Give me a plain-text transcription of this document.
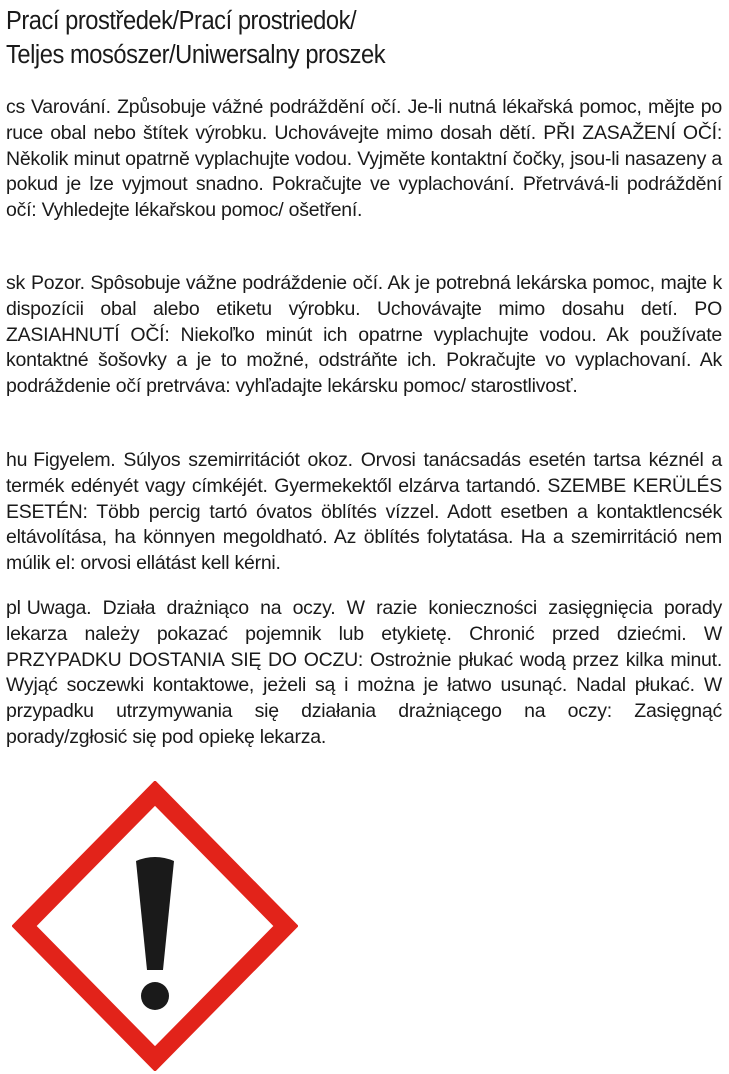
Prací prostředek/Prací prostriedok/
Teljes mosószer/Uniwersalny proszek
cs Varování. Způsobuje vážné podráždění očí. Je-li nutná lékařská pomoc, mějte po ruce obal nebo štítek výrobku. Uchovávejte mimo dosah dětí. PŘI ZASAŽENÍ OČÍ: Několik minut opatrně vyplachujte vodou. Vyjměte kontaktní čočky, jsou-li nasazeny a pokud je lze vyjmout snadno. Pokračujte ve vyplachování. Přetrvává-li podráždění očí: Vyhledejte lékařskou pomoc/ ošetření.
sk Pozor. Spôsobuje vážne podráždenie očí. Ak je potrebná lekárska pomoc, majte k dispozícii obal alebo etiketu výrobku. Uchovávajte mimo dosahu detí. PO ZASIAHNUTÍ OČÍ: Niekoľko minút ich opatrne vyplachujte vodou. Ak používate kontaktné šošovky a je to možné, odstráňte ich. Pokračujte vo vyplachovaní. Ak podráždenie očí pretrváva: vyhľadajte lekársku pomoc/ starostlivosť.
hu Figyelem. Súlyos szemirritációt okoz. Orvosi tanácsadás esetén tartsa kéznél a termék edényét vagy címkéjét. Gyermekektől elzárva tartandó. SZEMBE KERÜLÉS ESETÉN: Több percig tartó óvatos öblítés vízzel. Adott esetben a kontaktlencsék eltávolítása, ha könnyen megoldható. Az öblítés folytatása. Ha a szemirritáció nem múlik el: orvosi ellátást kell kérni.
pl Uwaga. Działa drażniąco na oczy. W razie konieczności zasięgnięcia porady lekarza należy pokazać pojemnik lub etykietę. Chronić przed dziećmi. W PRZYPADKU DOSTANIA SIĘ DO OCZU: Ostrożnie płukać wodą przez kilka minut. Wyjąć soczewki kontaktowe, jeżeli są i można je łatwo usunąć. Nadal płukać. W przypadku utrzymywania się działania drażniącego na oczy: Zasięgnąć porady/zgłosić się pod opiekę lekarza.
